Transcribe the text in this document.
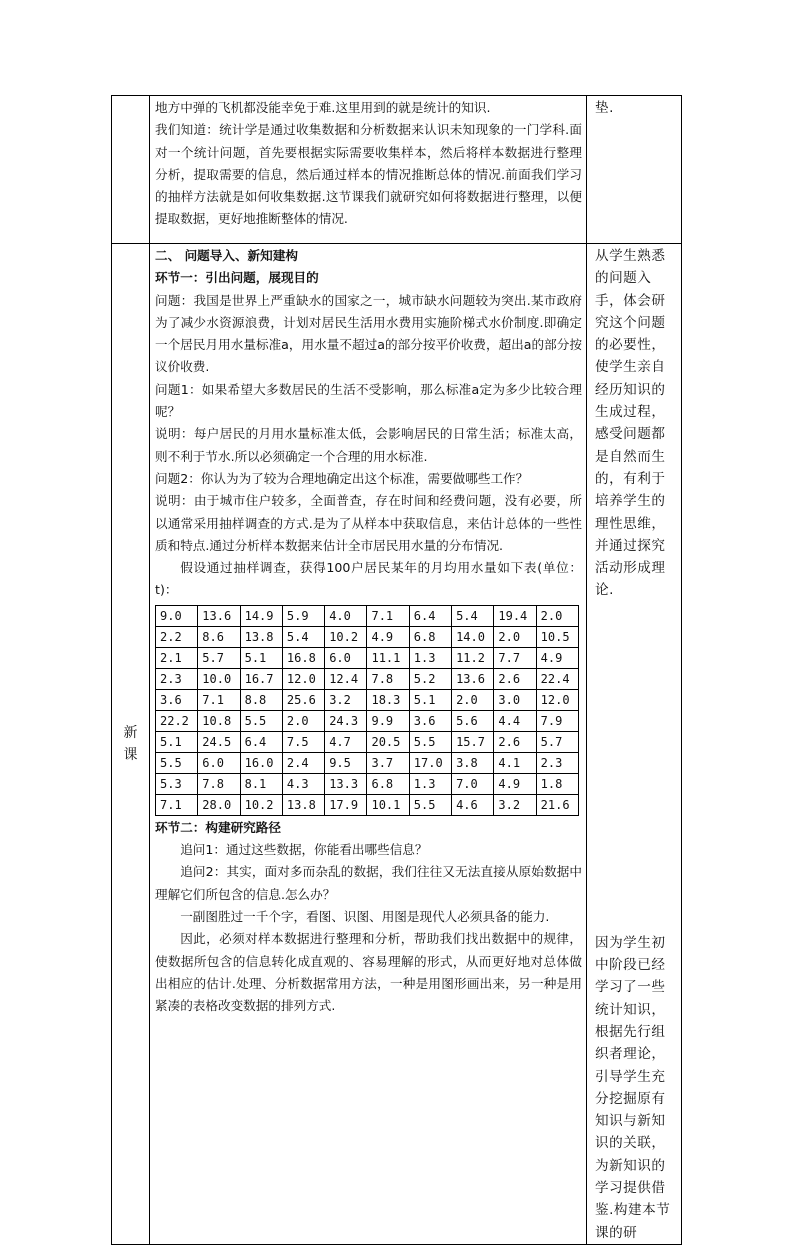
地方中弹的飞机都没能幸免于难.这里用到的就是统计的知识.

我们知道：统计学是通过收集数据和分析数据来认识未知现象的一门学科.面对一个统计问题，首先要根据实际需要收集样本，然后将样本数据进行整理分析，提取需要的信息，然后通过样本的情况推断总体的情况.前面我们学习的抽样方法就是如何收集数据.这节课我们就研究如何将数据进行整理，以便提取数据，更好地推断整体的情况.

垫.

新
课

二、 问题导入、新知建构

环节一：引出问题，展现目的

问题：我国是世界上严重缺水的国家之一，城市缺水问题较为突出.某市政府为了减少水资源浪费，计划对居民生活用水费用实施阶梯式水价制度.即确定一个居民月用水量标准a，用水量不超过a的部分按平价收费，超出a的部分按议价收费.

问题1：如果希望大多数居民的生活不受影响，那么标准a定为多少比较合理呢？

说明：每户居民的月用水量标准太低，会影响居民的日常生活；标准太高，则不利于节水.所以必须确定一个合理的用水标准.

问题2：你认为为了较为合理地确定出这个标准，需要做哪些工作？

说明：由于城市住户较多，全面普查，存在时间和经费问题，没有必要，所以通常采用抽样调查的方式.是为了从样本中获取信息，来估计总体的一些性质和特点.通过分析样本数据来估计全市居民用水量的分布情况.

假设通过抽样调查，获得100户居民某年的月均用水量如下表(单位：t)：

9.0	13.6	14.9	5.9	4.0	7.1	6.4	5.4	19.4	2.0
2.2	8.6	13.8	5.4	10.2	4.9	6.8	14.0	2.0	10.5
2.1	5.7	5.1	16.8	6.0	11.1	1.3	11.2	7.7	4.9
2.3	10.0	16.7	12.0	12.4	7.8	5.2	13.6	2.6	22.4
3.6	7.1	8.8	25.6	3.2	18.3	5.1	2.0	3.0	12.0
22.2	10.8	5.5	2.0	24.3	9.9	3.6	5.6	4.4	7.9
5.1	24.5	6.4	7.5	4.7	20.5	5.5	15.7	2.6	5.7
5.5	6.0	16.0	2.4	9.5	3.7	17.0	3.8	4.1	2.3
5.3	7.8	8.1	4.3	13.3	6.8	1.3	7.0	4.9	1.8
7.1	28.0	10.2	13.8	17.9	10.1	5.5	4.6	3.2	21.6

环节二：构建研究路径

追问1：通过这些数据，你能看出哪些信息？

追问2：其实，面对多而杂乱的数据，我们往往又无法直接从原始数据中理解它们所包含的信息.怎么办？

一副图胜过一千个字，看图、识图、用图是现代人必须具备的能力.

因此，必须对样本数据进行整理和分析，帮助我们找出数据中的规律，使数据所包含的信息转化成直观的、容易理解的形式，从而更好地对总体做出相应的估计.处理、分析数据常用方法，一种是用图形画出来，另一种是用紧凑的表格改变数据的排列方式.

从学生熟悉的问题入手，体会研究这个问题的必要性，使学生亲自经历知识的生成过程，感受问题都是自然而生的，有利于培养学生的理性思维，并通过探究活动形成理论.

因为学生初中阶段已经学习了一些统计知识，根据先行组织者理论，引导学生充分挖掘原有知识与新知识的关联，为新知识的学习提供借鉴.构建本节课的研
